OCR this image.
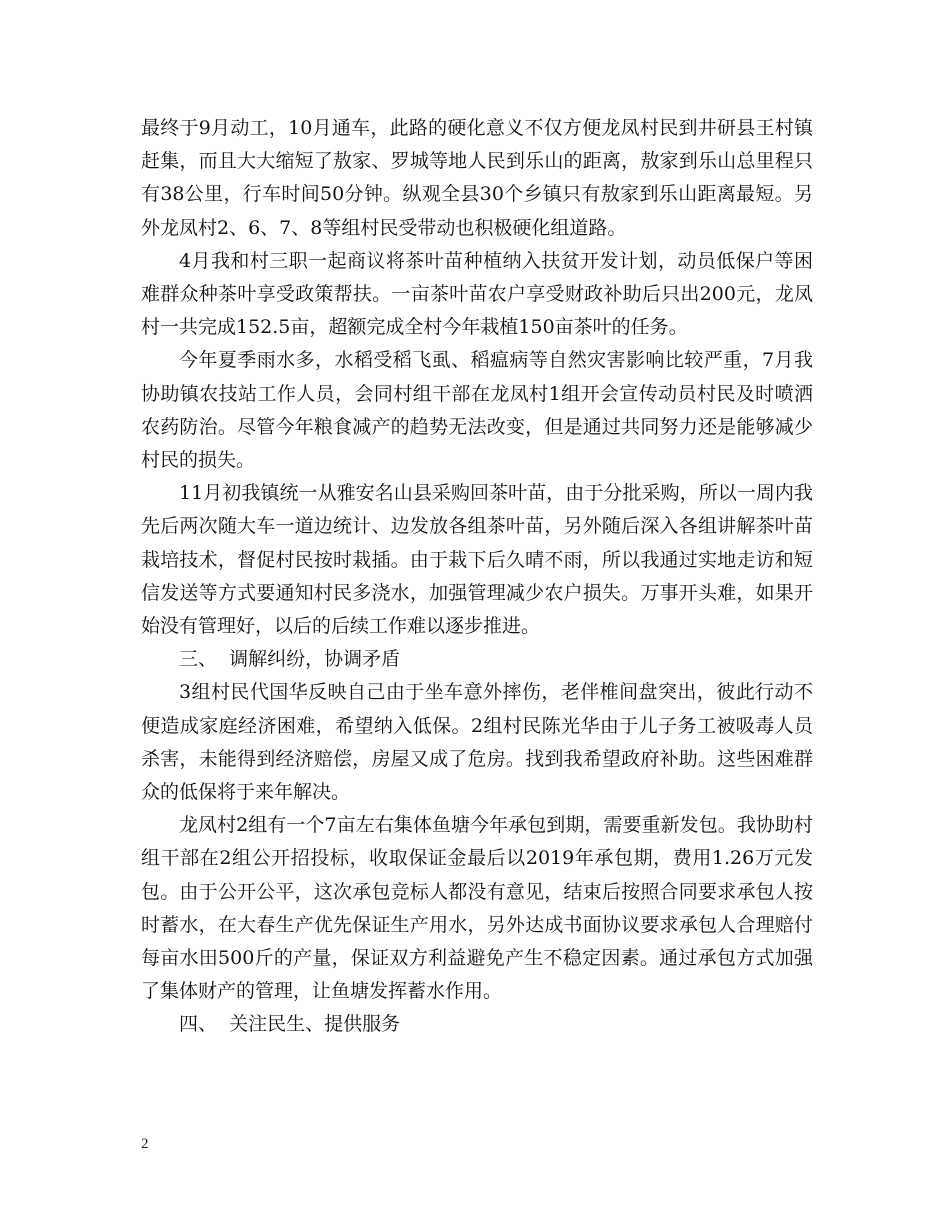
最终于9月动工，10月通车，此路的硬化意义不仅方便龙凤村民到井研县王村镇赶集，而且大大缩短了敖家、罗城等地人民到乐山的距离，敖家到乐山总里程只有38公里，行车时间50分钟。纵观全县30个乡镇只有敖家到乐山距离最短。另外龙凤村2、6、7、8等组村民受带动也积极硬化组道路。

4月我和村三职一起商议将茶叶苗种植纳入扶贫开发计划，动员低保户等困难群众种茶叶享受政策帮扶。一亩茶叶苗农户享受财政补助后只出200元，龙凤村一共完成152.5亩，超额完成全村今年栽植150亩茶叶的任务。

今年夏季雨水多，水稻受稻飞虱、稻瘟病等自然灾害影响比较严重，7月我协助镇农技站工作人员，会同村组干部在龙凤村1组开会宣传动员村民及时喷洒农药防治。尽管今年粮食减产的趋势无法改变，但是通过共同努力还是能够减少村民的损失。

11月初我镇统一从雅安名山县采购回茶叶苗，由于分批采购，所以一周内我先后两次随大车一道边统计、边发放各组茶叶苗，另外随后深入各组讲解茶叶苗栽培技术，督促村民按时栽插。由于栽下后久晴不雨，所以我通过实地走访和短信发送等方式要通知村民多浇水，加强管理减少农户损失。万事开头难，如果开始没有管理好，以后的后续工作难以逐步推进。

三、  调解纠纷，协调矛盾

3组村民代国华反映自己由于坐车意外摔伤，老伴椎间盘突出，彼此行动不便造成家庭经济困难，希望纳入低保。2组村民陈光华由于儿子务工被吸毒人员杀害，未能得到经济赔偿，房屋又成了危房。找到我希望政府补助。这些困难群众的低保将于来年解决。

龙凤村2组有一个7亩左右集体鱼塘今年承包到期，需要重新发包。我协助村组干部在2组公开招投标，收取保证金最后以2019年承包期，费用1.26万元发包。由于公开公平，这次承包竞标人都没有意见，结束后按照合同要求承包人按时蓄水，在大春生产优先保证生产用水，另外达成书面协议要求承包人合理赔付每亩水田500斤的产量，保证双方利益避免产生不稳定因素。通过承包方式加强了集体财产的管理，让鱼塘发挥蓄水作用。

四、  关注民生、提供服务

2
